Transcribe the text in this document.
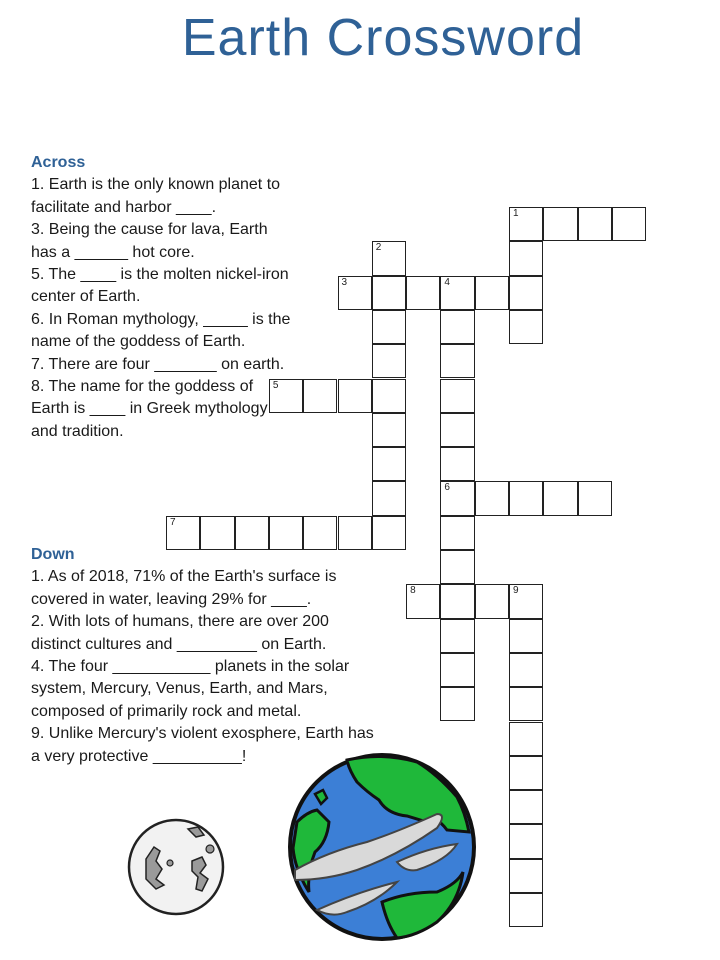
Earth Crossword
Across

1. Earth is the only known planet to facilitate and harbor ____.

3. Being the cause for lava, Earth has a ______ hot core.

5. The ____ is the molten nickel-iron center of Earth.

6. In Roman mythology, _____ is the name of the goddess of Earth.

7. There are four _______ on earth.

8. The name for the goddess of Earth is ____ in Greek mythology and tradition.

Down

1. As of 2018, 71% of the Earth's surface is covered in water, leaving 29% for ____.

2. With lots of humans, there are over 200 distinct cultures and _________ on Earth.

4. The four ___________ planets in the solar system, Mercury, Venus, Earth, and Mars, composed of primarily rock and metal.

9. Unlike Mercury's violent exosphere, Earth has a very protective __________!

1
2
3	4
6
5
7
8	9
